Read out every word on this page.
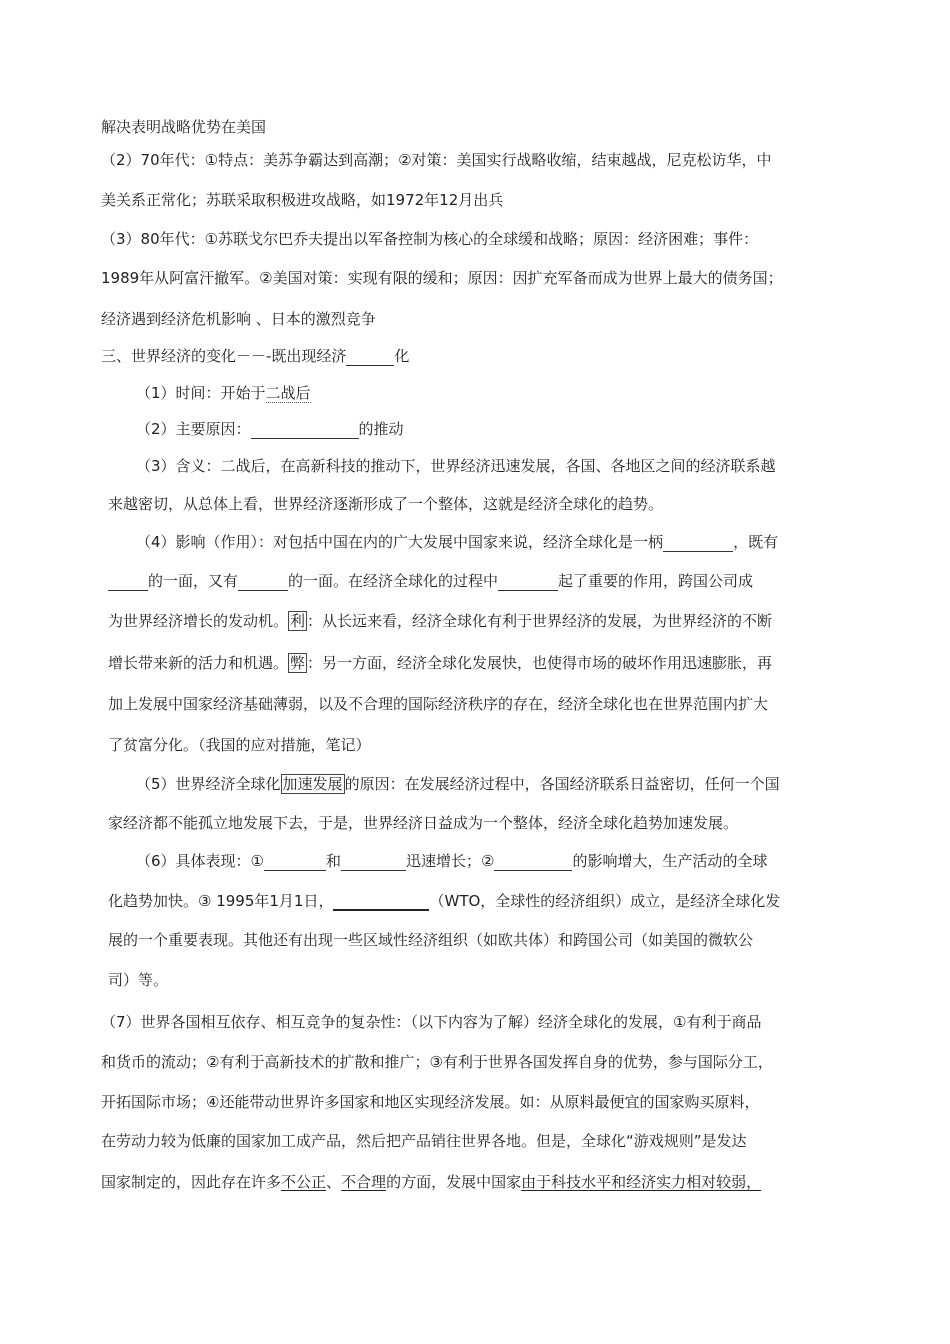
解决表明战略优势在美国
（2）70年代：①特点：美苏争霸达到高潮；②对策：美国实行战略收缩，结束越战，尼克松访华，中
美关系正常化；苏联采取积极进攻战略，如1972年12月出兵
（3）80年代：①苏联戈尔巴乔夫提出以军备控制为核心的全球缓和战略；原因：经济困难；事件：
1989年从阿富汗撤军。②美国对策：实现有限的缓和；原因：因扩充军备而成为世界上最大的债务国；
经济遇到经济危机影响 、日本的激烈竞争
三、世界经济的变化－－-既出现经济	化
（1）时间：开始于二战后
（2）主要原因：	的推动
（3）含义：二战后，在高新科技的推动下，世界经济迅速发展，各国、各地区之间的经济联系越
来越密切，从总体上看，世界经济逐渐形成了一个整体，这就是经济全球化的趋势。
（4）影响（作用）：对包括中国在内的广大发展中国家来说，经济全球化是一柄	，既有
的一面，又有	的一面。在经济全球化的过程中	起了重要的作用，跨国公司成
为世界经济增长的发动机。 利 ：从长远来看，经济全球化有利于世界经济的发展，为世界经济的不断
增长带来新的活力和机遇。 弊 ：另一方面，经济全球化发展快，也使得市场的破坏作用迅速膨胀，再
加上发展中国家经济基础薄弱，以及不合理的国际经济秩序的存在，经济全球化也在世界范围内扩大
了贫富分化。（我国的应对措施，笔记）
（5）世界经济全球化 加速发展 的原因：在发展经济过程中，各国经济联系日益密切，任何一个国
家经济都不能孤立地发展下去，于是，世界经济日益成为一个整体，经济全球化趋势加速发展。
（6）具体表现：①	和	迅速增长；②	的影响增大，生产活动的全球
化趋势加快。③ 1995年1月1日，	（WTO，全球性的经济组织）成立，是经济全球化发
展的一个重要表现。其他还有出现一些区域性经济组织（如欧共体）和跨国公司（如美国的微软公
司）等。
（7）世界各国相互依存、相互竞争的复杂性：（以下内容为了解）经济全球化的发展，①有利于商品
和货币的流动；②有利于高新技术的扩散和推广；③有利于世界各国发挥自身的优势，参与国际分工，
开拓国际市场；④还能带动世界许多国家和地区实现经济发展。如：从原料最便宜的国家购买原料，
在劳动力较为低廉的国家加工成产品，然后把产品销往世界各地。但是，全球化“游戏规则”是发达
国家制定的，因此存在许多不公正、不合理的方面，发展中国家由于科技水平和经济实力相对较弱，
